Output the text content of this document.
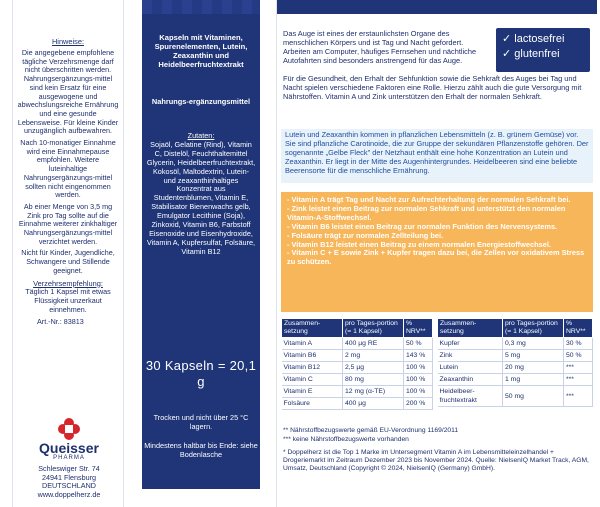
Hinweise:

Die angegebene empfohlene tägliche Verzehrsmenge darf nicht überschritten werden. Nahrungsergänzungs-mittel sind kein Ersatz für eine ausgewogene und abwechslungsreiche Ernährung und eine gesunde Lebensweise. Für kleine Kinder unzugänglich aufbewahren.

Nach 10-monatiger Einnahme wird eine Einnahmepause empfohlen. Weitere luteinhaltige Nahrungsergänzungs-mittel sollten nicht eingenommen werden.

Ab einer Menge von 3,5 mg Zink pro Tag sollte auf die Einnahme weiterer zinkhaltiger Nahrungsergänzungs-mittel verzichtet werden.

Nicht für Kinder, Jugendliche, Schwangere und Stillende geeignet.

Verzehrsempfehlung:

Täglich 1 Kapsel mit etwas Flüssigkeit unzerkaut einnehmen.

Art.-Nr.: 83813
Queisser
PHARMA
Schleswiger Str. 74
24941 Flensburg
DEUTSCHLAND
www.doppelherz.de
Kapseln mit Vitaminen, Spurenelementen, Lutein, Zeaxanthin und Heidelbeerfruchtextrakt
Nahrungs-ergänzungsmittel
Zutaten:
Sojaöl, Gelatine (Rind), Vitamin C, Distelöl, Feuchthaltemittel Glycerin, Heidelbeerfruchtextrakt, Kokosöl, Maltodextrin, Lutein- und zeaxanthinhaltiges Konzentrat aus Studentenblumen, Vitamin E, Stabilisator Bienenwachs gelb, Emulgator Lecithine (Soja), Zinkoxid, Vitamin B6, Farbstoff Eisenoxide und Eisenhydroxide, Vitamin A, Kupfersulfat, Folsäure, Vitamin B12
30 Kapseln = 20,1 g
Trocken und nicht über 25 °C lagern.
Mindestens haltbar bis Ende: siehe Bodenlasche
✓ lactosefrei
✓ glutenfrei
Das Auge ist eines der erstaunlichsten Organe des menschlichen Körpers und ist Tag und Nacht gefordert. Arbeiten am Computer, häufiges Fernsehen und nächtliche Autofahrten sind besonders anstrengend für das Auge.
Für die Gesundheit, den Erhalt der Sehfunktion sowie die Sehkraft des Auges bei Tag und Nacht spielen verschiedene Faktoren eine Rolle. Hierzu zählt auch die gute Versorgung mit Nährstoffen. Vitamin A und Zink unterstützen den Erhalt der normalen Sehkraft.
Lutein und Zeaxanthin kommen in pflanzlichen Lebensmitteln (z. B. grünem Gemüse) vor. Sie sind pflanzliche Carotinoide, die zur Gruppe der sekundären Pflanzenstoffe gehören. Der sogenannte „Gelbe Fleck" der Netzhaut enthält eine hohe Konzentration an Lutein und Zeaxanthin. Er liegt in der Mitte des Augenhintergrundes. Heidelbeeren sind eine beliebte Beerensorte für die menschliche Ernährung.

- Vitamin A trägt Tag und Nacht zur Aufrechterhaltung der normalen Sehkraft bei.

- Zink leistet einen Beitrag zur normalen Sehkraft und unterstützt den normalen Vitamin-A-Stoffwechsel.

- Vitamin B6 leistet einen Beitrag zur normalen Funktion des Nervensystems.

- Folsäure trägt zur normalen Zellteilung bei.

- Vitamin B12 leistet einen Beitrag zu einem normalen Energiestoffwechsel.

- Vitamin C + E sowie Zink + Kupfer tragen dazu bei, die Zellen vor oxidativem Stress zu schützen.

Zusammen-setzung	pro Tages-portion (= 1 Kapsel)	% NRV**
Vitamin A	400 µg RE	50 %
Vitamin B6	2 mg	143 %
Vitamin B12	2,5 µg	100 %
Vitamin C	80 mg	100 %
Vitamin E	12 mg (α-TE)	100 %
Folsäure	400 µg	200 %
Zusammen-setzung	pro Tages-portion (= 1 Kapsel)	% NRV**
Kupfer	0,3 mg	30 %
Zink	5 mg	50 %
Lutein	20 mg	***
Zeaxanthin	1 mg	***
Heidelbeer-fruchtextrakt	50 mg	***
** Nährstoffbezugswerte gemäß EU-Verordnung 1169/2011
*** keine Nährstoffbezugswerte vorhanden
* Doppelherz ist die Top 1 Marke im Untersegment Vitamin A im Lebensmitteleinzelhandel + Drogeriemarkt im Zeitraum Dezember 2023 bis November 2024. Quelle: NielsenIQ Market Track, AGM, Umsatz, Deutschland (Copyright © 2024, NielsenIQ (Germany) GmbH).
